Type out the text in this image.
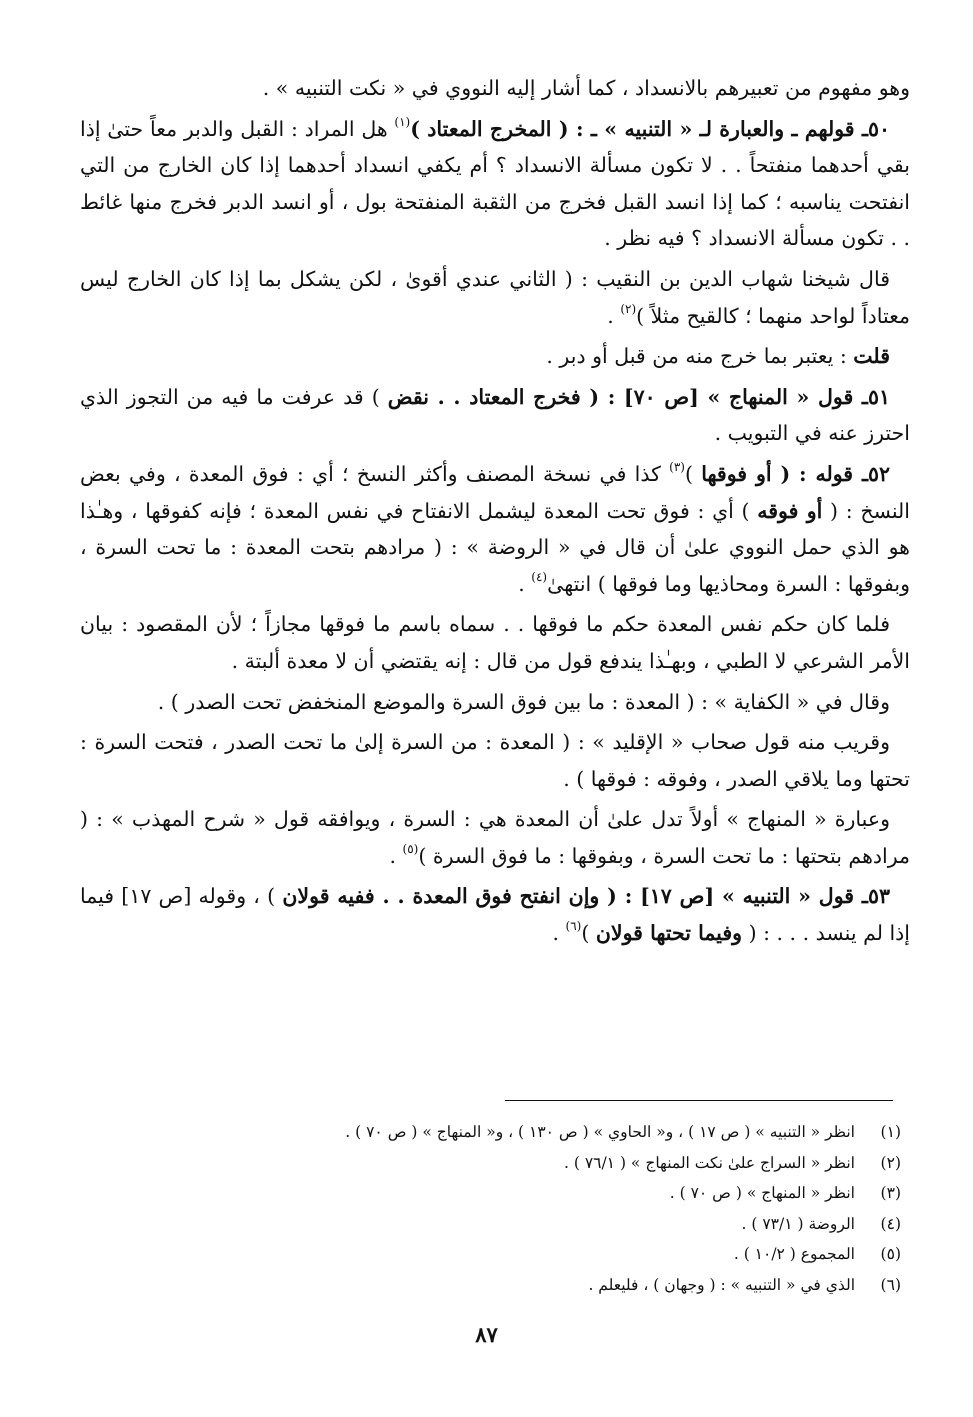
وهو مفهوم من تعبيرهم بالانسداد ، كما أشار إليه النووي في « نكت التنبيه » .

٥٠ـ قولهم ـ والعبارة لـ « التنبيه » ـ : ( المخرج المعتاد )$^{(١)}$ هل المراد : القبل والدبر معاً حتىٰ إذا بقي أحدهما منفتحاً . . لا تكون مسألة الانسداد ؟ أم يكفي انسداد أحدهما إذا كان الخارج من التي انفتحت يناسبه ؛ كما إذا انسد القبل فخرج من الثقبة المنفتحة بول ، أو انسد الدبر فخرج منها غائط . . تكون مسألة الانسداد ؟ فيه نظر .

قال شيخنا شهاب الدين بن النقيب : ( الثاني عندي أقوىٰ ، لكن يشكل بما إذا كان الخارج ليس معتاداً لواحد منهما ؛ كالقيح مثلاً )$^{(٢)}$ .

قلت : يعتبر بما خرج منه من قبل أو دبر .

٥١ـ قول « المنهاج » [ص ٧٠] : ( فخرج المعتاد . . نقض ) قد عرفت ما فيه من التجوز الذي احترز عنه في التبويب .

٥٢ـ قوله : ( أو فوقها )$^{(٣)}$ كذا في نسخة المصنف وأكثر النسخ ؛ أي : فوق المعدة ، وفي بعض النسخ : ( أو فوقه ) أي : فوق تحت المعدة ليشمل الانفتاح في نفس المعدة ؛ فإنه كفوقها ، وهـٰذا هو الذي حمل النووي علىٰ أن قال في « الروضة » : ( مرادهم بتحت المعدة : ما تحت السرة ، وبفوقها : السرة ومحاذيها وما فوقها ) انتهىٰ$^{(٤)}$ .

فلما كان حكم نفس المعدة حكم ما فوقها . . سماه باسم ما فوقها مجازاً ؛ لأن المقصود : بيان الأمر الشرعي لا الطبي ، وبهـٰذا يندفع قول من قال : إنه يقتضي أن لا معدة ألبتة .

وقال في « الكفاية » : ( المعدة : ما بين فوق السرة والموضع المنخفض تحت الصدر ) .

وقريب منه قول صحاب « الإقليد » : ( المعدة : من السرة إلىٰ ما تحت الصدر ، فتحت السرة : تحتها وما يلاقي الصدر ، وفوقه : فوقها ) .

وعبارة « المنهاج » أولاً تدل علىٰ أن المعدة هي : السرة ، ويوافقه قول « شرح المهذب » : ( مرادهم بتحتها : ما تحت السرة ، وبفوقها : ما فوق السرة )$^{(٥)}$ .

٥٣ـ قول « التنبيه » [ص ١٧] : ( وإن انفتح فوق المعدة . . ففيه قولان ) ، وقوله [ص ١٧] فيما إذا لم ينسد . . . : ( وفيما تحتها قولان )$^{(٦)}$ .

(١)
انظر « التنبيه » ( ص ١٧ ) ، و« الحاوي » ( ص ١٣٠ ) ، و« المنهاج » ( ص ٧٠ ) .
(٢)
انظر « السراج علىٰ نكت المنهاج » ( ٧٦/١ ) .
(٣)
انظر « المنهاج » ( ص ٧٠ ) .
(٤)
الروضة ( ٧٣/١ ) .
(٥)
المجموع ( ١٠/٢ ) .
(٦)
الذي في « التنبيه » : ( وجهان ) ، فليعلم .
٨٧
